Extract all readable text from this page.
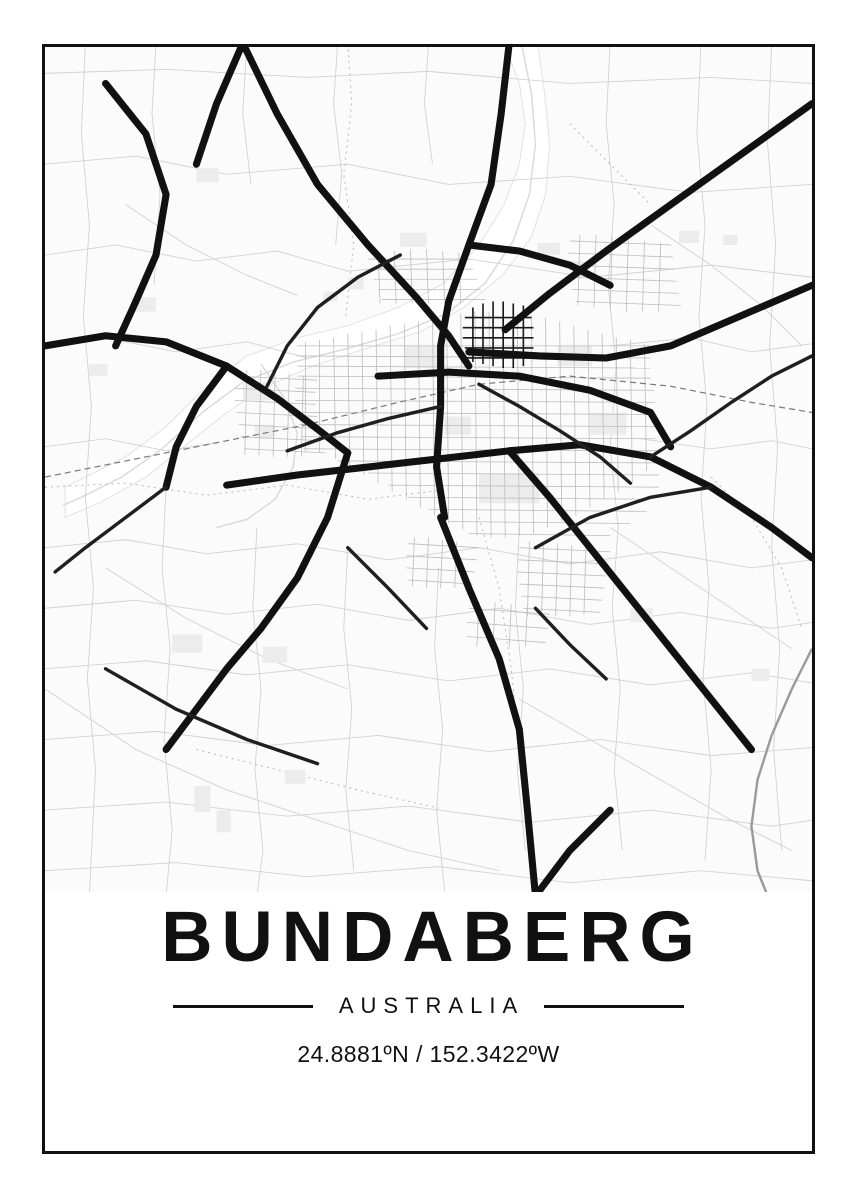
BUNDABERG
AUSTRALIA
24.8881ºN / 152.3422ºW
